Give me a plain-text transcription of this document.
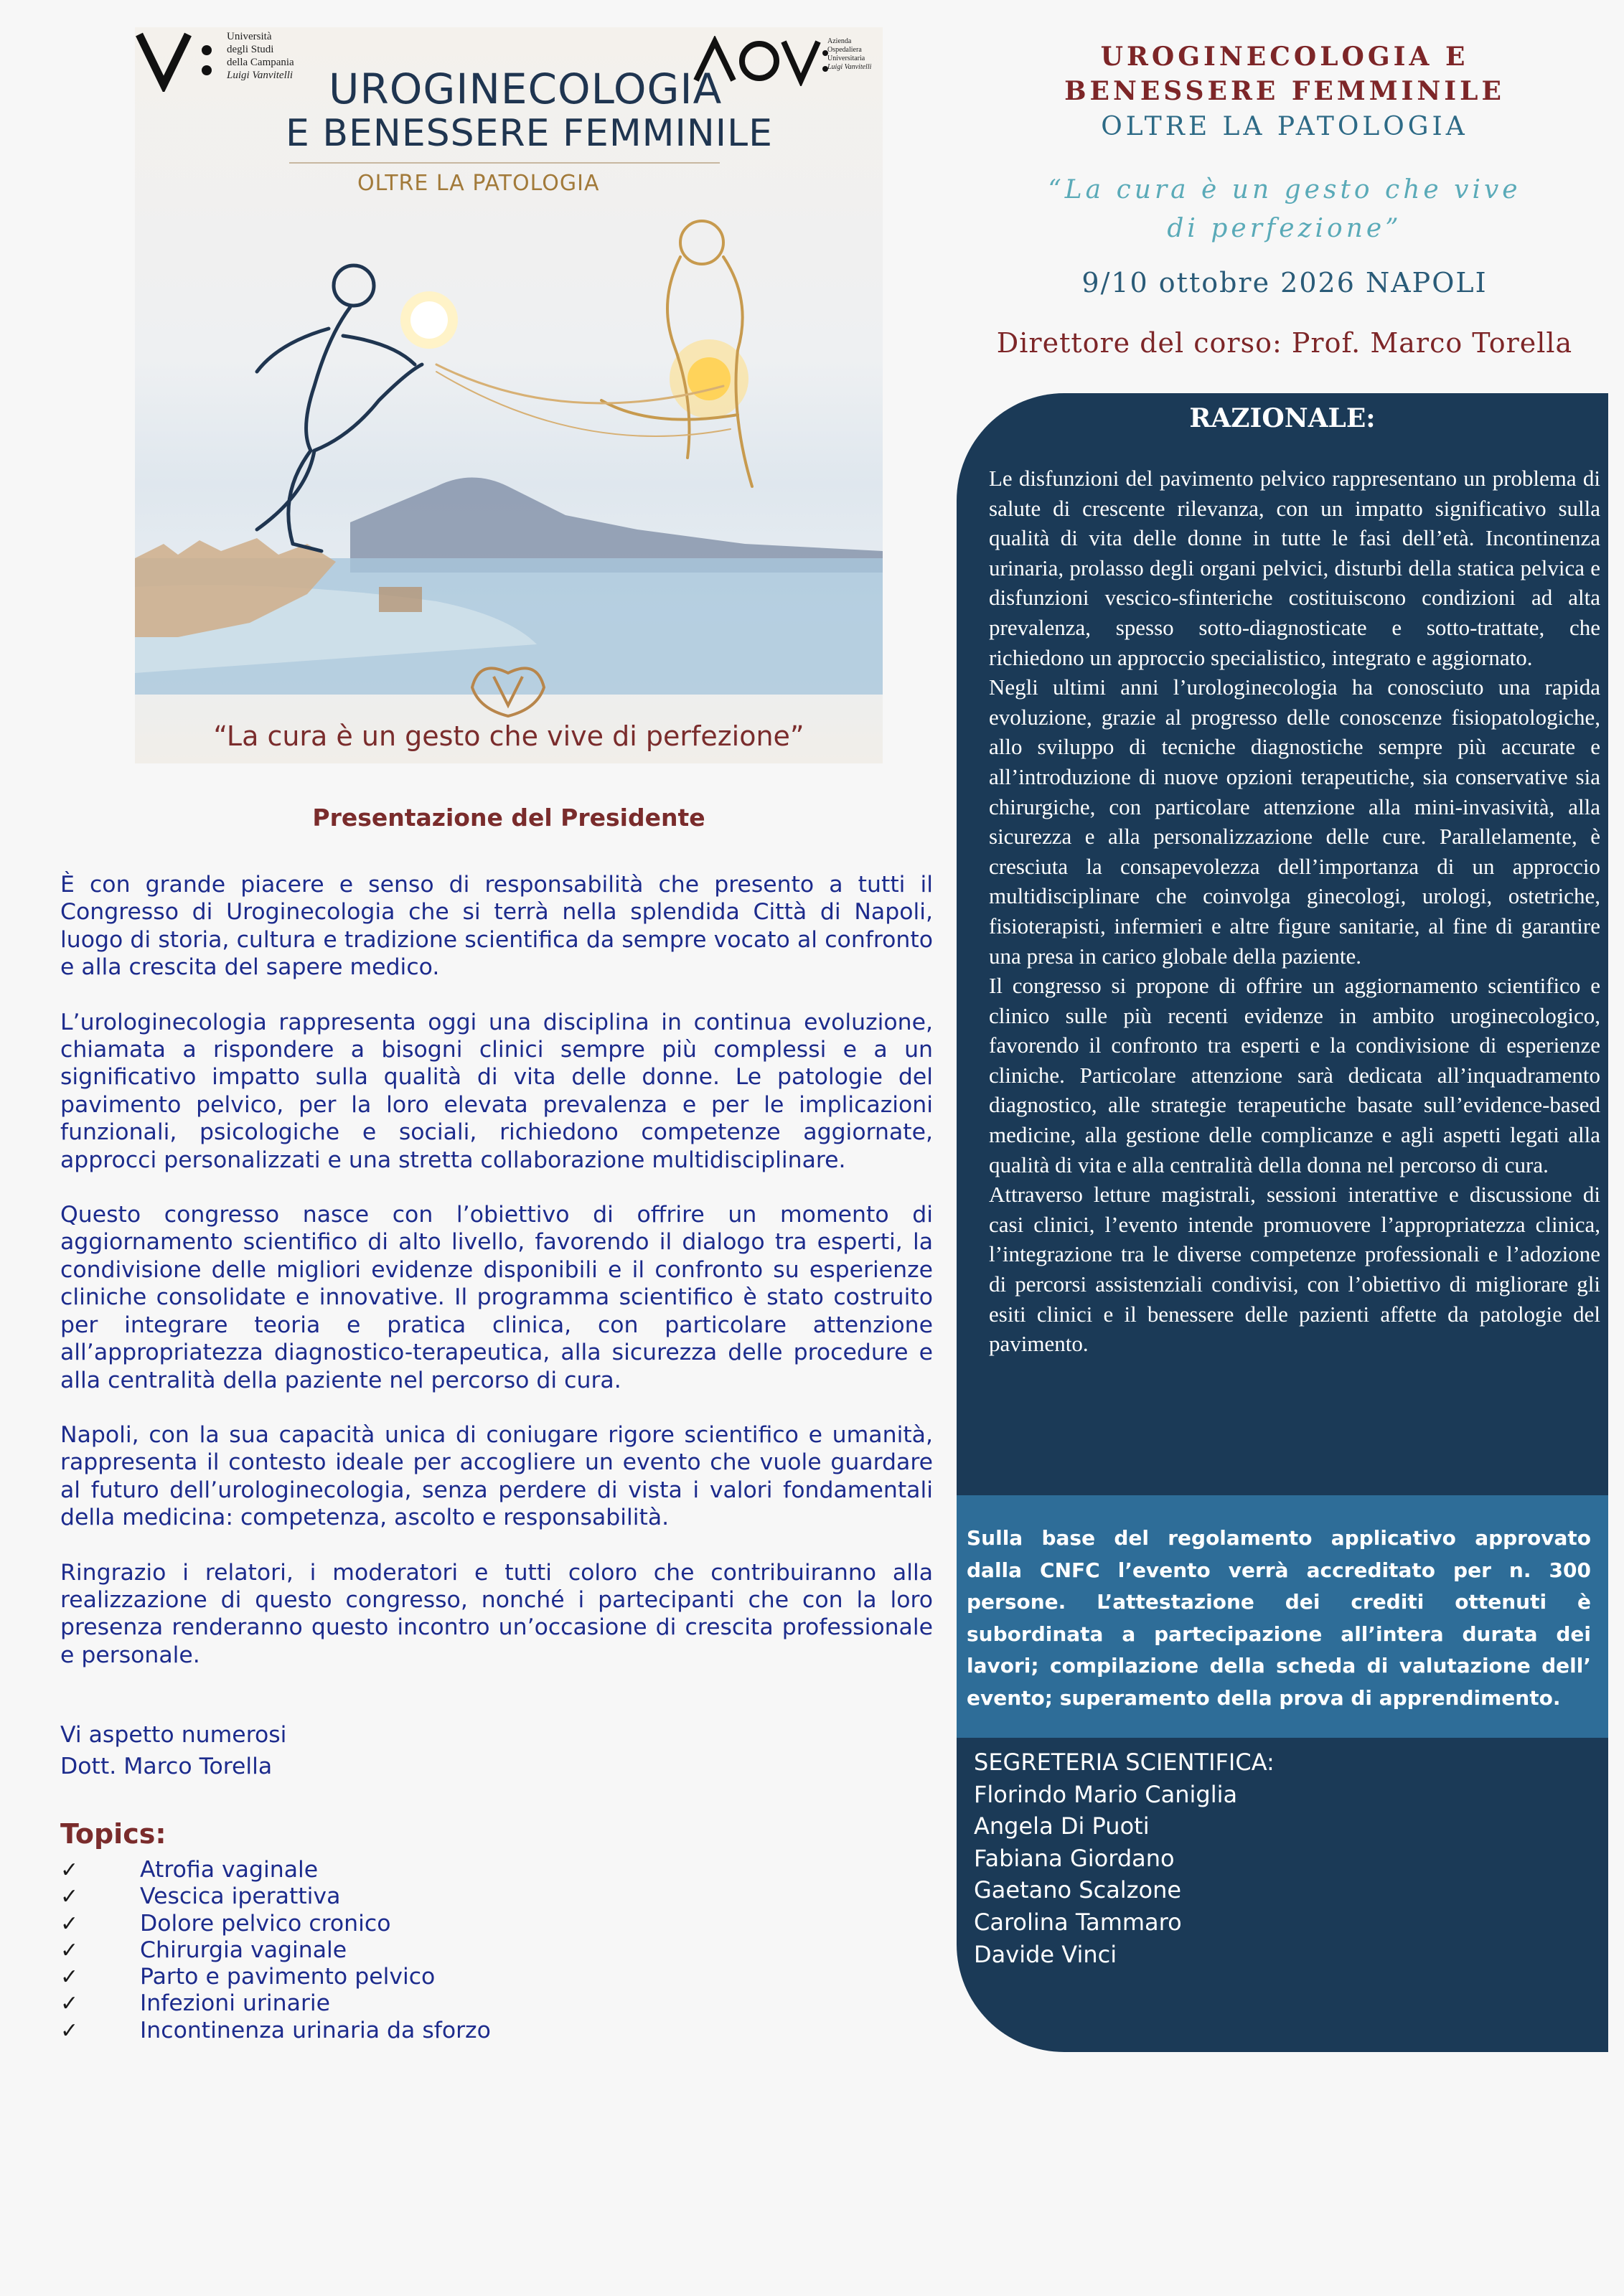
Università
degli Studi
della Campania
Luigi Vanvitelli
Azienda
Ospedaliera
Universitaria
Luigi Vanvitelli
UROGINECOLOGIA
E BENESSERE FEMMINILE
OLTRE LA PATOLOGIA
“La cura è un gesto che vive di perfezione”
UROGINECOLOGIA E
BENESSERE FEMMINILE
OLTRE LA PATOLOGIA
“La cura è un gesto che vive di perfezione”
9/10 ottobre 2026 NAPOLI
Direttore del corso: Prof. Marco Torella
RAZIONALE:

Le disfunzioni del pavimento pelvico rappresentano un problema di salute di crescente rilevanza, con un impatto significativo sulla qualità di vita delle donne in tutte le fasi dell’età. Incontinenza urinaria, prolasso degli organi pelvici, disturbi della statica pelvica e disfunzioni vescico-sfinteriche costituiscono condizioni ad alta prevalenza, spesso sotto-diagnosticate e sotto-trattate, che richiedono un approccio specialistico, integrato e aggiornato.

Negli ultimi anni l’urologinecologia ha conosciuto una rapida evoluzione, grazie al progresso delle conoscenze fisiopatologiche, allo sviluppo di tecniche diagnostiche sempre più accurate e all’introduzione di nuove opzioni terapeutiche, sia conservative sia chirurgiche, con particolare attenzione alla mini-invasività, alla sicurezza e alla personalizzazione delle cure. Parallelamente, è cresciuta la consapevolezza dell’importanza di un approccio multidisciplinare che coinvolga ginecologi, urologi, ostetriche, fisioterapisti, infermieri e altre figure sanitarie, al fine di garantire una presa in carico globale della paziente.

Il congresso si propone di offrire un aggiornamento scientifico e clinico sulle più recenti evidenze in ambito uroginecologico, favorendo il confronto tra esperti e la condivisione di esperienze cliniche. Particolare attenzione sarà dedicata all’inquadramento diagnostico, alle strategie terapeutiche basate sull’evidence-based medicine, alla gestione delle complicanze e agli aspetti legati alla qualità di vita e alla centralità della donna nel percorso di cura.

Attraverso letture magistrali, sessioni interattive e discussione di casi clinici, l’evento intende promuovere l’appropriatezza clinica, l’integrazione tra le diverse competenze professionali e l’adozione di percorsi assistenziali condivisi, con l’obiettivo di migliorare gli esiti clinici e il benessere delle pazienti affette da patologie del pavimento.

Sulla base del regolamento applicativo approvato dalla CNFC l’evento verrà accreditato per n. 300 persone. L’attestazione dei crediti ottenuti è subordinata a partecipazione all’intera durata dei lavori; compilazione della scheda di valutazione dell’ evento; superamento della prova di apprendimento.
SEGRETERIA SCIENTIFICA:
Florindo Mario Caniglia
Angela Di Puoti
Fabiana Giordano
Gaetano Scalzone
Carolina Tammaro
Davide Vinci
Presentazione del Presidente

È con grande piacere e senso di responsabilità che presento a tutti il Congresso di Uroginecologia che si terrà nella splendida Città di Napoli, luogo di storia, cultura e tradizione scientifica da sempre vocato al confronto e alla crescita del sapere medico.

L’urologinecologia rappresenta oggi una disciplina in continua evoluzione, chiamata a rispondere a bisogni clinici sempre più complessi e a un significativo impatto sulla qualità di vita delle donne. Le patologie del pavimento pelvico, per la loro elevata prevalenza e per le implicazioni funzionali, psicologiche e sociali, richiedono competenze aggiornate, approcci personalizzati e una stretta collaborazione multidisciplinare.

Questo congresso nasce con l’obiettivo di offrire un momento di aggiornamento scientifico di alto livello, favorendo il dialogo tra esperti, la condivisione delle migliori evidenze disponibili e il confronto su esperienze cliniche consolidate e innovative. Il programma scientifico è stato costruito per integrare teoria e pratica clinica, con particolare attenzione all’appropriatezza diagnostico-terapeutica, alla sicurezza delle procedure e alla centralità della paziente nel percorso di cura.

Napoli, con la sua capacità unica di coniugare rigore scientifico e umanità, rappresenta il contesto ideale per accogliere un evento che vuole guardare al futuro dell’urologinecologia, senza perdere di vista i valori fondamentali della medicina: competenza, ascolto e responsabilità.

Ringrazio i relatori, i moderatori e tutti coloro che contribuiranno alla realizzazione di questo congresso, nonché i partecipanti che con la loro presenza renderanno questo incontro un’occasione di crescita professionale e personale.

Vi aspetto numerosi
Dott. Marco Torella
Topics:
✓	Atrofia vaginale
✓	Vescica iperattiva
✓	Dolore pelvico cronico
✓	Chirurgia vaginale
✓	Parto e pavimento pelvico
✓	Infezioni urinarie
✓	Incontinenza urinaria da sforzo
